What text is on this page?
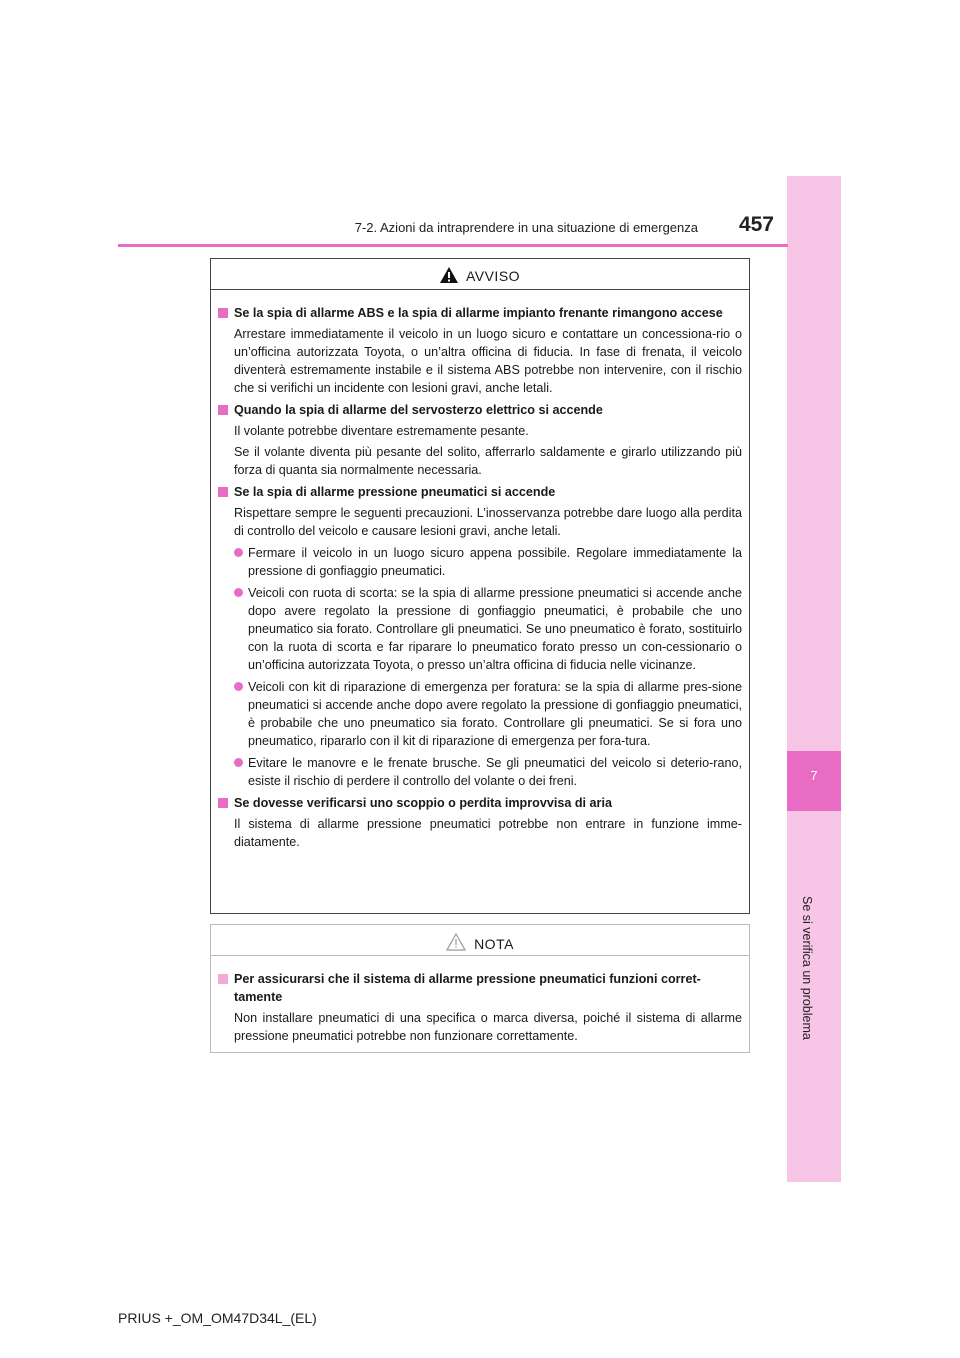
7
Se si verifica un problema
7-2. Azioni da intraprendere in una situazione di emergenza 457
AVVISO
Se la spia di allarme ABS e la spia di allarme impianto frenante rimangono accese
Arrestare immediatamente il veicolo in un luogo sicuro e contattare un concessiona-rio o un’officina autorizzata Toyota, o un’altra officina di fiducia. In fase di frenata, il veicolo diventerà estremamente instabile e il sistema ABS potrebbe non intervenire, con il rischio che si verifichi un incidente con lesioni gravi, anche letali.
Quando la spia di allarme del servosterzo elettrico si accende
Il volante potrebbe diventare estremamente pesante.
Se il volante diventa più pesante del solito, afferrarlo saldamente e girarlo utilizzando più forza di quanta sia normalmente necessaria.
Se la spia di allarme pressione pneumatici si accende
Rispettare sempre le seguenti precauzioni. L’inosservanza potrebbe dare luogo alla perdita di controllo del veicolo e causare lesioni gravi, anche letali.
Fermare il veicolo in un luogo sicuro appena possibile. Regolare immediatamente la pressione di gonfiaggio pneumatici.
Veicoli con ruota di scorta: se la spia di allarme pressione pneumatici si accende anche dopo avere regolato la pressione di gonfiaggio pneumatici, è probabile che uno pneumatico sia forato. Controllare gli pneumatici. Se uno pneumatico è forato, sostituirlo con la ruota di scorta e far riparare lo pneumatico forato presso un con-cessionario o un’officina autorizzata Toyota, o presso un’altra officina di fiducia nelle vicinanze.
Veicoli con kit di riparazione di emergenza per foratura: se la spia di allarme pres-sione pneumatici si accende anche dopo avere regolato la pressione di gonfiaggio pneumatici, è probabile che uno pneumatico sia forato. Controllare gli pneumatici. Se si fora uno pneumatico, ripararlo con il kit di riparazione di emergenza per fora-tura.
Evitare le manovre e le frenate brusche. Se gli pneumatici del veicolo si deterio-rano, esiste il rischio di perdere il controllo del volante o dei freni.
Se dovesse verificarsi uno scoppio o perdita improvvisa di aria
Il sistema di allarme pressione pneumatici potrebbe non entrare in funzione imme-diatamente.
NOTA
Per assicurarsi che il sistema di allarme pressione pneumatici funzioni corret-tamente
Non installare pneumatici di una specifica o marca diversa, poiché il sistema di allarme pressione pneumatici potrebbe non funzionare correttamente.
PRIUS +_OM_OM47D34L_(EL)
